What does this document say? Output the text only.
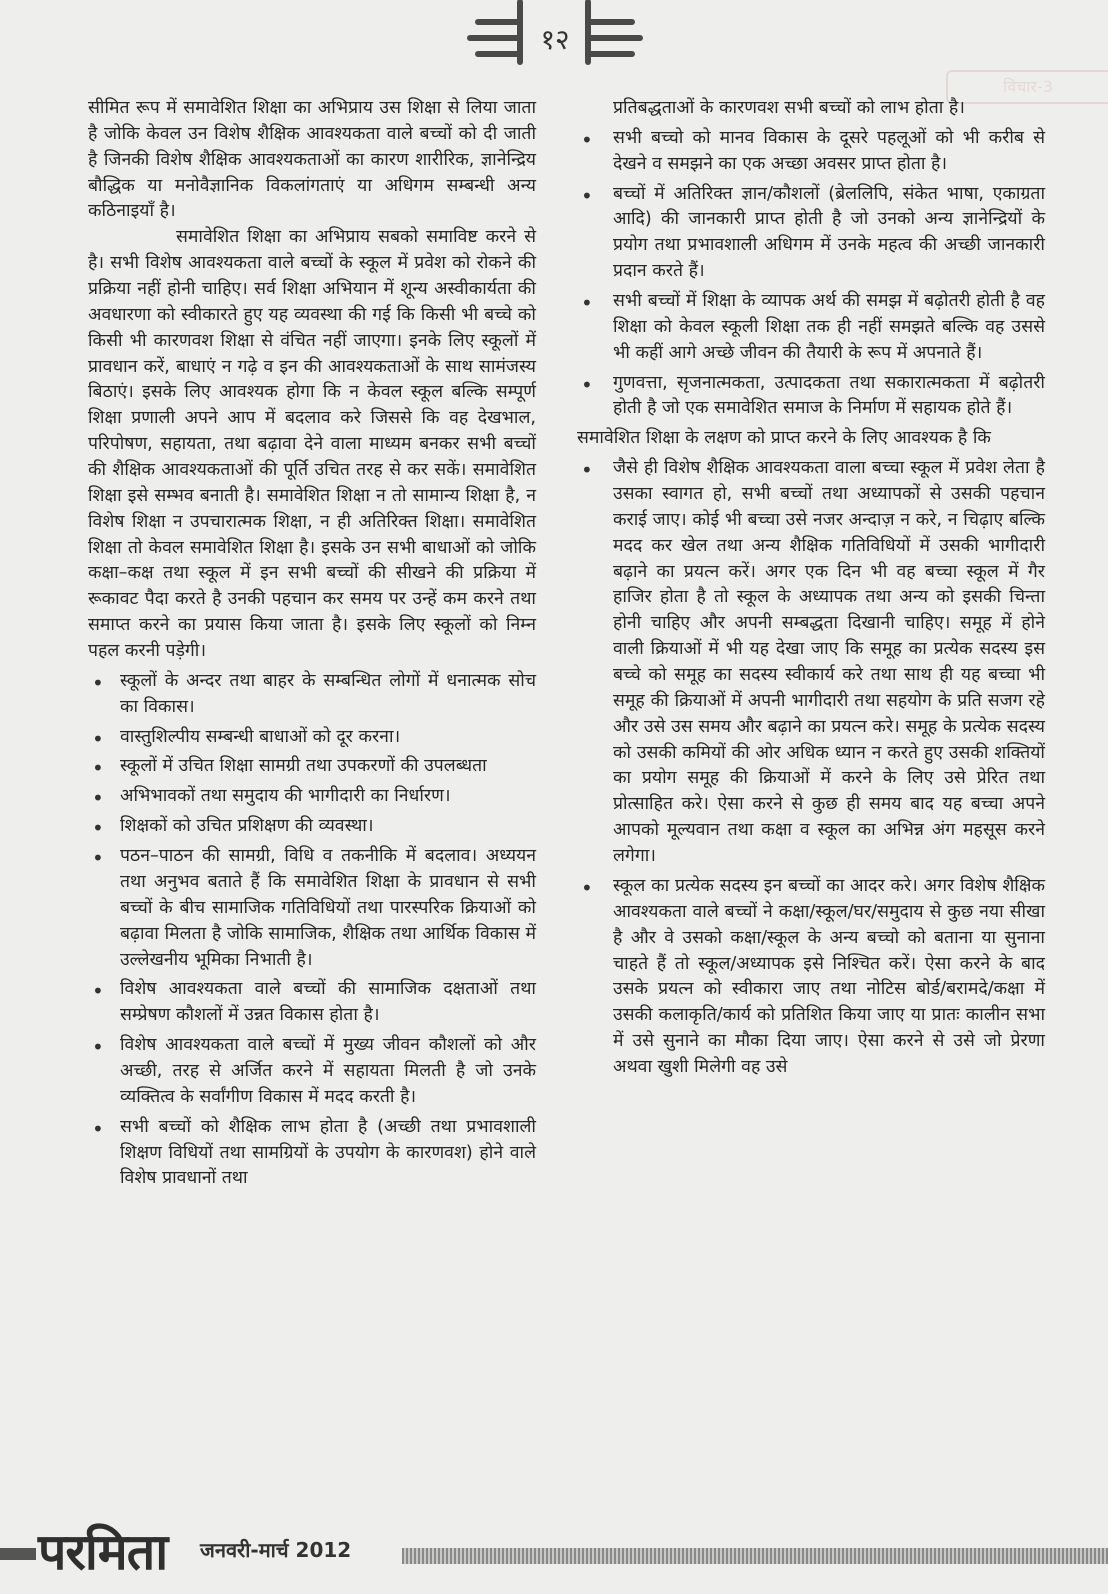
१२
विचार-3

सीमित रूप में समावेशित शिक्षा का अभिप्राय उस शिक्षा से लिया जाता है जोकि केवल उन विशेष शैक्षिक आवश्यकता वाले बच्चों को दी जाती है जिनकी विशेष शैक्षिक आवश्यकताओं का कारण शारीरिक, ज्ञानेन्द्रिय बौद्धिक या मनोवैज्ञानिक विकलांगताएं या अधिगम सम्बन्धी अन्य कठिनाइयाँ है।

समावेशित शिक्षा का अभिप्राय सबको समाविष्ट करने से है। सभी विशेष आवश्यकता वाले बच्चों के स्कूल में प्रवेश को रोकने की प्रक्रिया नहीं होनी चाहिए। सर्व शिक्षा अभियान में शून्य अस्वीकार्यता की अवधारणा को स्वीकारते हुए यह व्यवस्था की गई कि किसी भी बच्चे को किसी भी कारणवश शिक्षा से वंचित नहीं जाएगा। इनके लिए स्कूलों में प्रावधान करें, बाधाएं न गढ़े व इन की आवश्यकताओं के साथ सामंजस्य बिठाएं। इसके लिए आवश्यक होगा कि न केवल स्कूल बल्कि सम्पूर्ण शिक्षा प्रणाली अपने आप में बदलाव करे जिससे कि वह देखभाल, परिपोषण, सहायता, तथा बढ़ावा देने वाला माध्यम बनकर सभी बच्चों की शैक्षिक आवश्यकताओं की पूर्ति उचित तरह से कर सकें। समावेशित शिक्षा इसे सम्भव बनाती है। समावेशित शिक्षा न तो सामान्य शिक्षा है, न विशेष शिक्षा न उपचारात्मक शिक्षा, न ही अतिरिक्त शिक्षा। समावेशित शिक्षा तो केवल समावेशित शिक्षा है। इसके उन सभी बाधाओं को जोकि कक्षा–कक्ष तथा स्कूल में इन सभी बच्चों की सीखने की प्रक्रिया में रूकावट पैदा करते है उनकी पहचान कर समय पर उन्हें कम करने तथा समाप्त करने का प्रयास किया जाता है। इसके लिए स्कूलों को निम्न पहल करनी पड़ेगी।

• स्कूलों के अन्दर तथा बाहर के सम्बन्धित लोगों में धनात्मक सोच का विकास।
• वास्तुशिल्पीय सम्बन्धी बाधाओं को दूर करना।
• स्कूलों में उचित शिक्षा सामग्री तथा उपकरणों की उपलब्धता
• अभिभावकों तथा समुदाय की भागीदारी का निर्धारण।
• शिक्षकों को उचित प्रशिक्षण की व्यवस्था।
• पठन–पाठन की सामग्री, विधि व तकनीकि में बदलाव। अध्ययन तथा अनुभव बताते हैं कि समावेशित शिक्षा के प्रावधान से सभी बच्चों के बीच सामाजिक गतिविधियों तथा पारस्परिक क्रियाओं को बढ़ावा मिलता है जोकि सामाजिक, शैक्षिक तथा आर्थिक विकास में उल्लेखनीय भूमिका निभाती है।
• विशेष आवश्यकता वाले बच्चों की सामाजिक दक्षताओं तथा सम्प्रेषण कौशलों में उन्नत विकास होता है।
• विशेष आवश्यकता वाले बच्चों में मुख्य जीवन कौशलों को और अच्छी, तरह से अर्जित करने में सहायता मिलती है जो उनके व्यक्तित्व के सर्वांगीण विकास में मदद करती है।
• सभी बच्चों को शैक्षिक लाभ होता है (अच्छी तथा प्रभावशाली शिक्षण विधियों तथा सामग्रियों के उपयोग के कारणवश) होने वाले विशेष प्रावधानों तथा

प्रतिबद्धताओं के कारणवश सभी बच्चों को लाभ होता है।

• सभी बच्चो को मानव विकास के दूसरे पहलूओं को भी करीब से देखने व समझने का एक अच्छा अवसर प्राप्त होता है।
• बच्चों में अतिरिक्त ज्ञान/कौशलों (ब्रेललिपि, संकेत भाषा, एकाग्रता आदि) की जानकारी प्राप्त होती है जो उनको अन्य ज्ञानेन्द्रियों के प्रयोग तथा प्रभावशाली अधिगम में उनके महत्व की अच्छी जानकारी प्रदान करते हैं।
• सभी बच्चों में शिक्षा के व्यापक अर्थ की समझ में बढ़ोतरी होती है वह शिक्षा को केवल स्कूली शिक्षा तक ही नहीं समझते बल्कि वह उससे भी कहीं आगे अच्छे जीवन की तैयारी के रूप में अपनाते हैं।
• गुणवत्ता, सृजनात्मकता, उत्पादकता तथा सकारात्मकता में बढ़ोतरी होती है जो एक समावेशित समाज के निर्माण में सहायक होते हैं।

समावेशित शिक्षा के लक्षण को प्राप्त करने के लिए आवश्यक है कि

• जैसे ही विशेष शैक्षिक आवश्यकता वाला बच्चा स्कूल में प्रवेश लेता है उसका स्वागत हो, सभी बच्चों तथा अध्यापकों से उसकी पहचान कराई जाए। कोई भी बच्चा उसे नजर अन्दाज़ न करे, न चिढ़ाए बल्कि मदद कर खेल तथा अन्य शैक्षिक गतिविधियों में उसकी भागीदारी बढ़ाने का प्रयत्न करें। अगर एक दिन भी वह बच्चा स्कूल में गैर हाजिर होता है तो स्कूल के अध्यापक तथा अन्य को इसकी चिन्ता होनी चाहिए और अपनी सम्बद्धता दिखानी चाहिए। समूह में होने वाली क्रियाओं में भी यह देखा जाए कि समूह का प्रत्येक सदस्य इस बच्चे को समूह का सदस्य स्वीकार्य करे तथा साथ ही यह बच्चा भी समूह की क्रियाओं में अपनी भागीदारी तथा सहयोग के प्रति सजग रहे और उसे उस समय और बढ़ाने का प्रयत्न करे। समूह के प्रत्येक सदस्य को उसकी कमियों की ओर अधिक ध्यान न करते हुए उसकी शक्तियों का प्रयोग समूह की क्रियाओं में करने के लिए उसे प्रेरित तथा प्रोत्साहित करे। ऐसा करने से कुछ ही समय बाद यह बच्चा अपने आपको मूल्यवान तथा कक्षा व स्कूल का अभिन्न अंग महसूस करने लगेगा।
• स्कूल का प्रत्येक सदस्य इन बच्चों का आदर करे। अगर विशेष शैक्षिक आवश्यकता वाले बच्चों ने कक्षा/स्कूल/घर/समुदाय से कुछ नया सीखा है और वे उसको कक्षा/स्कूल के अन्य बच्चो को बताना या सुनाना चाहते हैं तो स्कूल/अध्यापक इसे निश्चित करें। ऐसा करने के बाद उसके प्रयत्न को स्वीकारा जाए तथा नोटिस बोर्ड/बरामदे/कक्षा में उसकी कलाकृति/कार्य को प्रतिशित किया जाए या प्रातः कालीन सभा में उसे सुनाने का मौका दिया जाए। ऐसा करने से उसे जो प्रेरणा अथवा खुशी मिलेगी वह उसे
परमिता जनवरी-मार्च 2012
